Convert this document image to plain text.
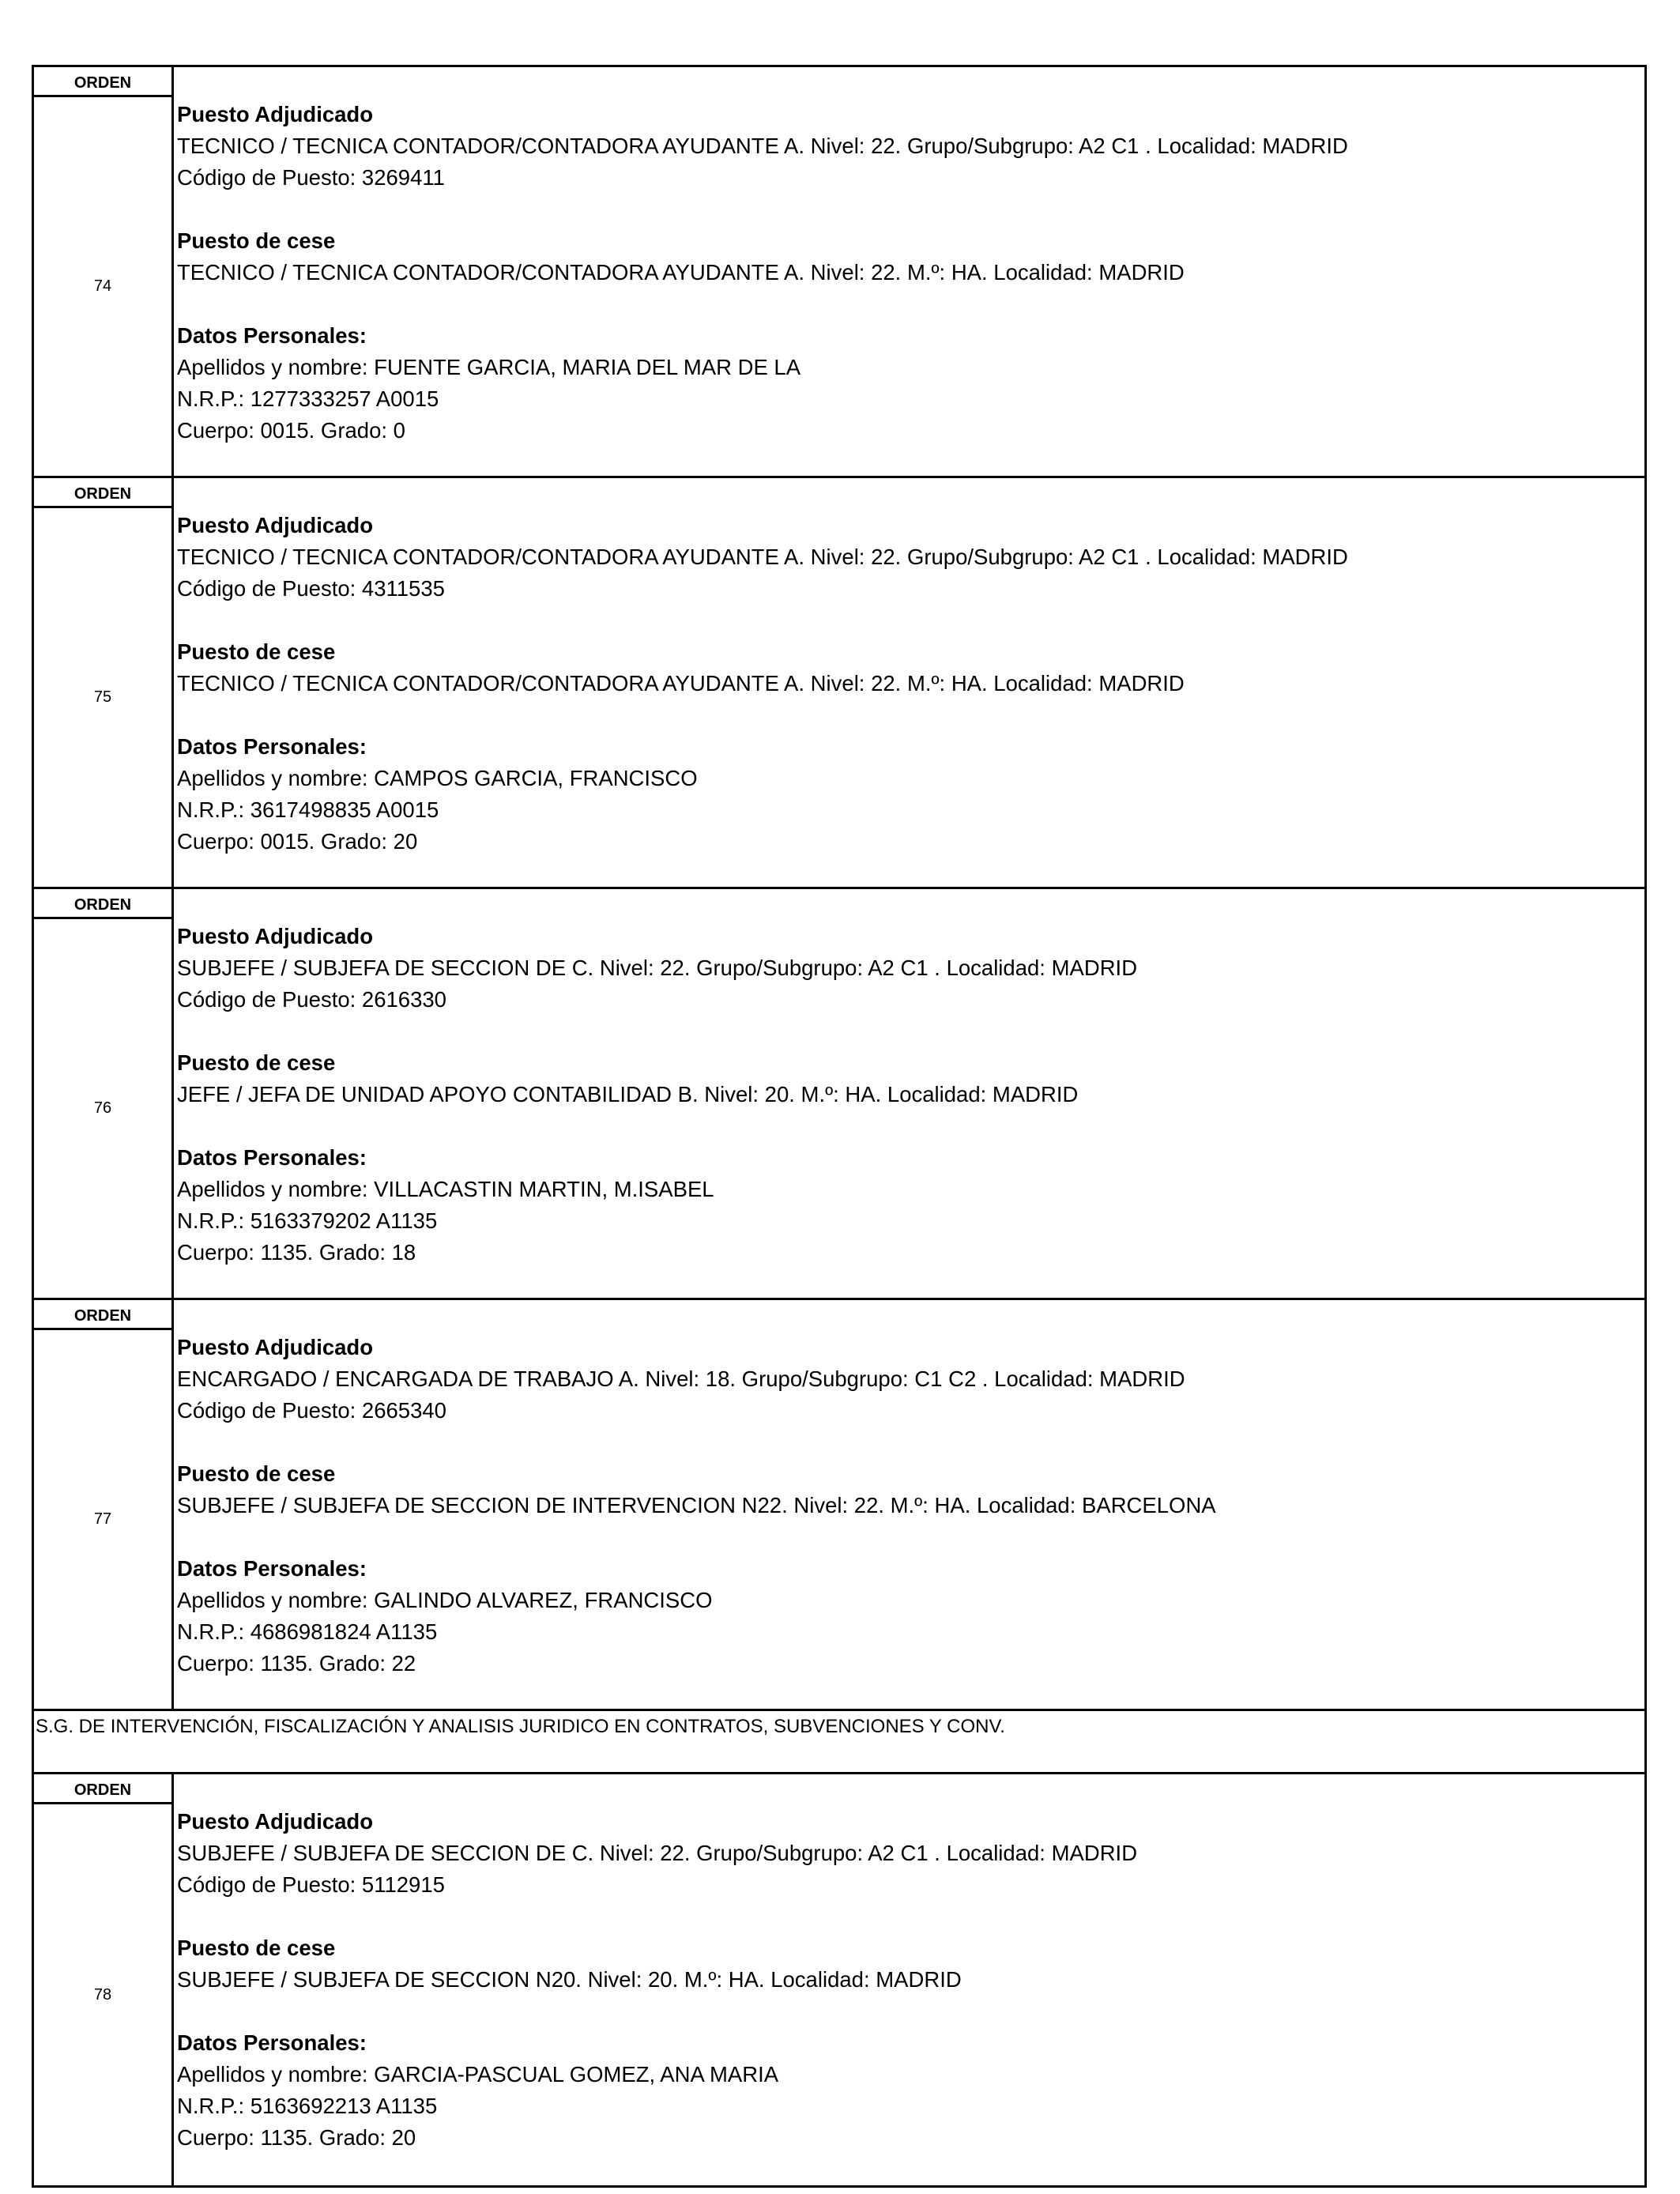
ORDEN
74
Puesto Adjudicado
TECNICO / TECNICA CONTADOR/CONTADORA AYUDANTE A. Nivel: 22. Grupo/Subgrupo: A2 C1 . Localidad: MADRID
Código de Puesto: 3269411
Puesto de cese
TECNICO / TECNICA CONTADOR/CONTADORA AYUDANTE A. Nivel: 22. M.º: HA. Localidad: MADRID
Datos Personales:
Apellidos y nombre: FUENTE GARCIA, MARIA DEL MAR DE LA
N.R.P.: 1277333257 A0015
Cuerpo: 0015. Grado: 0
ORDEN
75
Puesto Adjudicado
TECNICO / TECNICA CONTADOR/CONTADORA AYUDANTE A. Nivel: 22. Grupo/Subgrupo: A2 C1 . Localidad: MADRID
Código de Puesto: 4311535
Puesto de cese
TECNICO / TECNICA CONTADOR/CONTADORA AYUDANTE A. Nivel: 22. M.º: HA. Localidad: MADRID
Datos Personales:
Apellidos y nombre: CAMPOS GARCIA, FRANCISCO
N.R.P.: 3617498835 A0015
Cuerpo: 0015. Grado: 20
ORDEN
76
Puesto Adjudicado
SUBJEFE / SUBJEFA DE SECCION DE C. Nivel: 22. Grupo/Subgrupo: A2 C1 . Localidad: MADRID
Código de Puesto: 2616330
Puesto de cese
JEFE / JEFA DE UNIDAD APOYO CONTABILIDAD B. Nivel: 20. M.º: HA. Localidad: MADRID
Datos Personales:
Apellidos y nombre: VILLACASTIN MARTIN, M.ISABEL
N.R.P.: 5163379202 A1135
Cuerpo: 1135. Grado: 18
ORDEN
77
Puesto Adjudicado
ENCARGADO / ENCARGADA DE TRABAJO A. Nivel: 18. Grupo/Subgrupo: C1 C2 . Localidad: MADRID
Código de Puesto: 2665340
Puesto de cese
SUBJEFE / SUBJEFA DE SECCION DE INTERVENCION N22. Nivel: 22. M.º: HA. Localidad: BARCELONA
Datos Personales:
Apellidos y nombre: GALINDO ALVAREZ, FRANCISCO
N.R.P.: 4686981824 A1135
Cuerpo: 1135. Grado: 22
S.G. DE INTERVENCIÓN, FISCALIZACIÓN Y ANALISIS JURIDICO EN CONTRATOS, SUBVENCIONES Y CONV.
ORDEN
78
Puesto Adjudicado
SUBJEFE / SUBJEFA DE SECCION DE C. Nivel: 22. Grupo/Subgrupo: A2 C1 . Localidad: MADRID
Código de Puesto: 5112915
Puesto de cese
SUBJEFE / SUBJEFA DE SECCION N20. Nivel: 20. M.º: HA. Localidad: MADRID
Datos Personales:
Apellidos y nombre: GARCIA-PASCUAL GOMEZ, ANA MARIA
N.R.P.: 5163692213 A1135
Cuerpo: 1135. Grado: 20
